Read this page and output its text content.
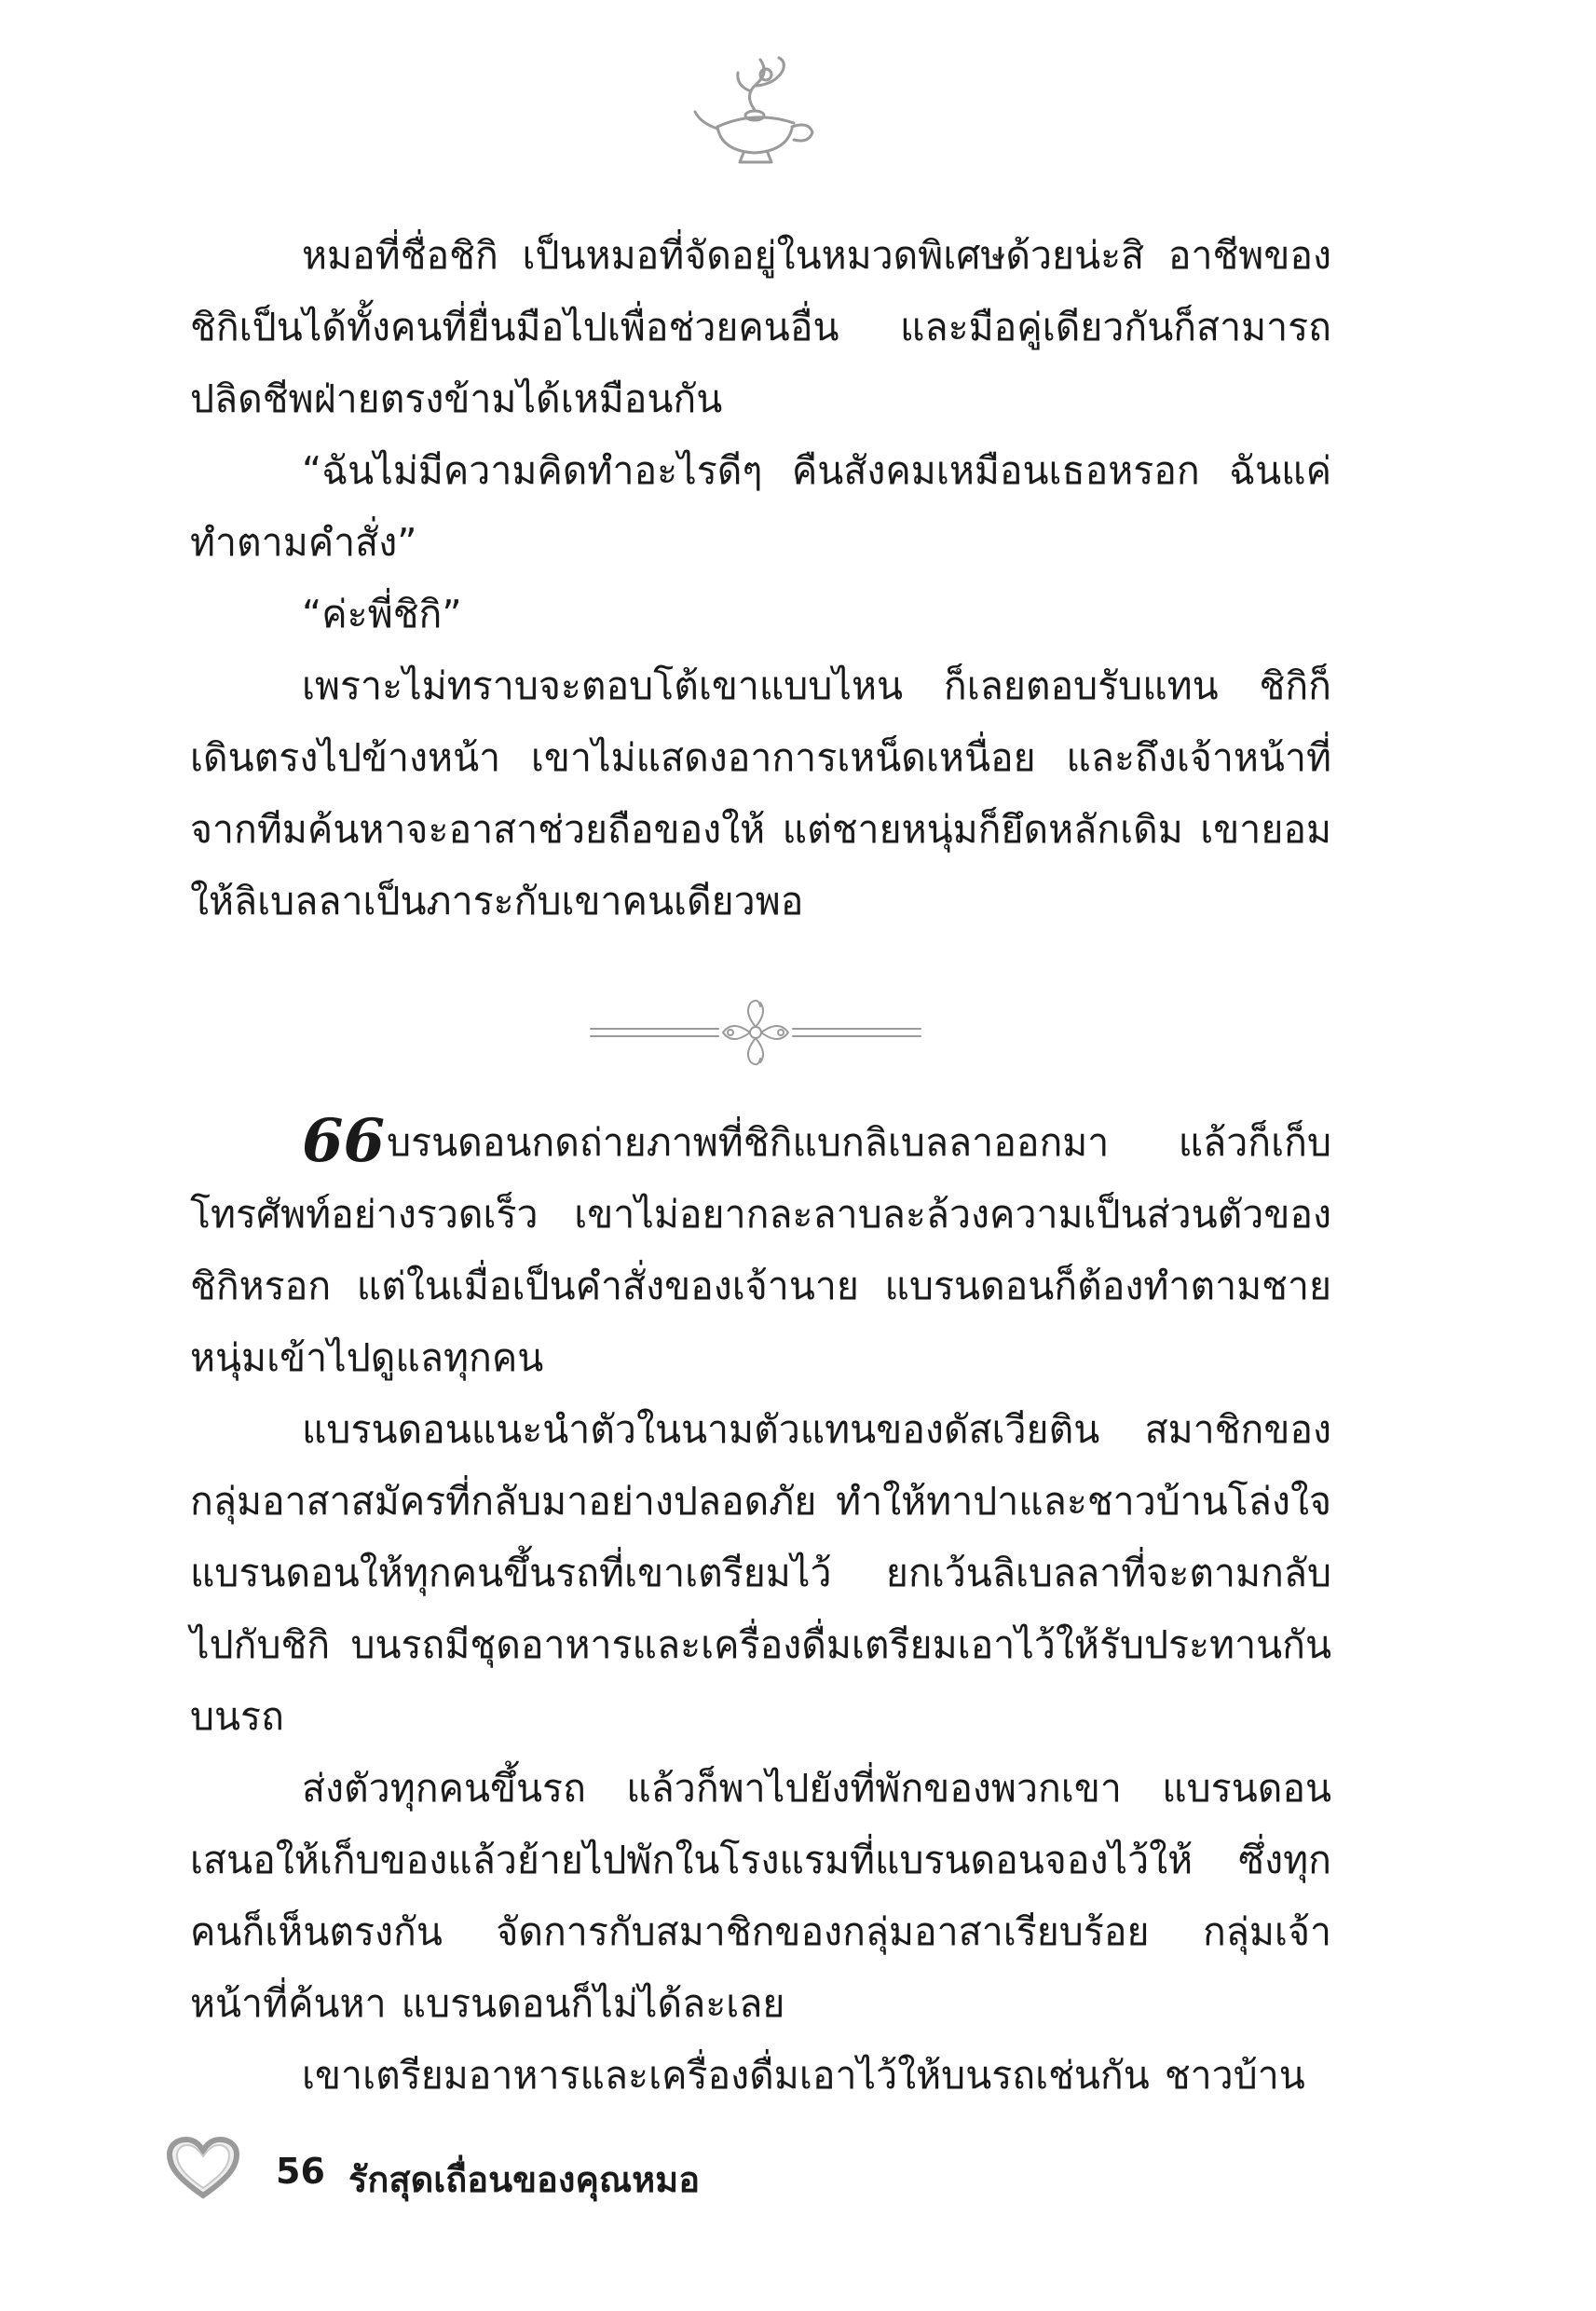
หมอที่ชื่อชิกิ เป็นหมอที่จัดอยู่ในหมวดพิเศษด้วยน่ะสิ อาชีพของชิกิเป็นได้ทั้งคนที่ยื่นมือไปเพื่อช่วยคนอื่น และมือคู่เดียวกันก็สามารถปลิดชีพฝ่ายตรงข้ามได้เหมือนกัน

“ฉันไม่มีความคิดทำอะไรดีๆ คืนสังคมเหมือนเธอหรอก ฉันแค่ทำตามคำสั่ง”

“ค่ะพี่ชิกิ”

เพราะไม่ทราบจะตอบโต้เขาแบบไหน ก็เลยตอบรับแทน ชิกิก็เดินตรงไปข้างหน้า เขาไม่แสดงอาการเหน็ดเหนื่อย และถึงเจ้าหน้าที่จากทีมค้นหาจะอาสาช่วยถือของให้ แต่ชายหนุ่มก็ยึดหลักเดิม เขายอมให้ลิเบลลาเป็นภาระกับเขาคนเดียวพอ

66บรนดอนกดถ่ายภาพที่ชิกิแบกลิเบลลาออกมา แล้วก็เก็บโทรศัพท์อย่างรวดเร็ว เขาไม่อยากละลาบละล้วงความเป็นส่วนตัวของชิกิหรอก แต่ในเมื่อเป็นคำสั่งของเจ้านาย แบรนดอนก็ต้องทำตามชายหนุ่มเข้าไปดูแลทุกคน

แบรนดอนแนะนำตัวในนามตัวแทนของดัสเวียติน สมาชิกของกลุ่มอาสาสมัครที่กลับมาอย่างปลอดภัย ทำให้ทาปาและชาวบ้านโล่งใจแบรนดอนให้ทุกคนขึ้นรถที่เขาเตรียมไว้ ยกเว้นลิเบลลาที่จะตามกลับไปกับชิกิ บนรถมีชุดอาหารและเครื่องดื่มเตรียมเอาไว้ให้รับประทานกันบนรถ

ส่งตัวทุกคนขึ้นรถ แล้วก็พาไปยังที่พักของพวกเขา แบรนดอนเสนอให้เก็บของแล้วย้ายไปพักในโรงแรมที่แบรนดอนจองไว้ให้ ซึ่งทุกคนก็เห็นตรงกัน จัดการกับสมาชิกของกลุ่มอาสาเรียบร้อย กลุ่มเจ้าหน้าที่ค้นหา แบรนดอนก็ไม่ได้ละเลย

เขาเตรียมอาหารและเครื่องดื่มเอาไว้ให้บนรถเช่นกัน ชาวบ้าน

56 รักสุดเถื่อนของคุณหมอ
